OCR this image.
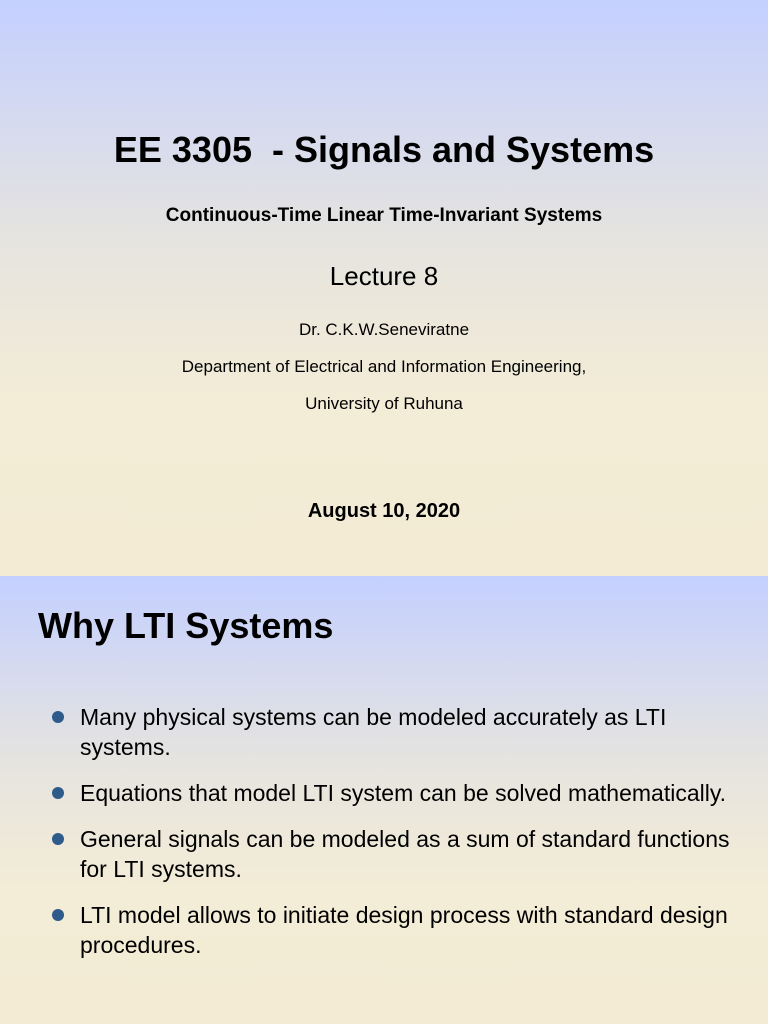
EE 3305  - Signals and Systems
Continuous-Time Linear Time-Invariant Systems
Lecture 8
Dr. C.K.W.Seneviratne
Department of Electrical and Information Engineering,
University of Ruhuna
August 10, 2020
Why LTI Systems
Many physical systems can be modeled accurately as LTI systems.
Equations that model LTI system can be solved mathematically.
General signals can be modeled as a sum of standard functions for LTI systems.
LTI model allows to initiate design process with standard design procedures.
